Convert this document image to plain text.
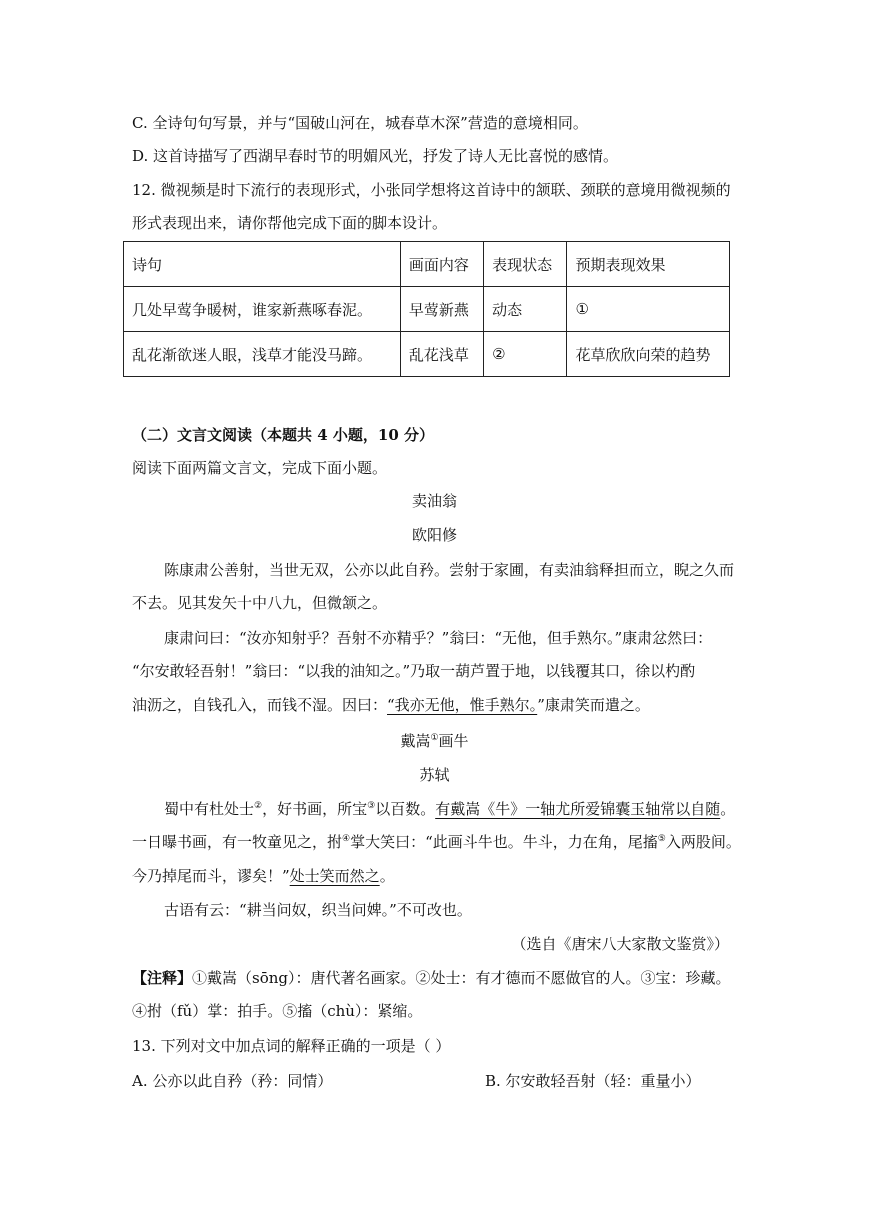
C. 全诗句句写景，并与“国破山河在，城春草木深”营造的意境相同。
D. 这首诗描写了西湖早春时节的明媚风光，抒发了诗人无比喜悦的感情。
12. 微视频是时下流行的表现形式，小张同学想将这首诗中的颔联、颈联的意境用微视频的
形式表现出来，请你帮他完成下面的脚本设计。
诗句	画面内容	表现状态	预期表现效果
几处早莺争暖树，谁家新燕啄春泥。	早莺新燕	动态	①
乱花渐欲迷人眼，浅草才能没马蹄。	乱花浅草	②	花草欣欣向荣的趋势
（二）文言文阅读（本题共 4 小题，10 分）
阅读下面两篇文言文，完成下面小题。
卖油翁
欧阳修
陈康肃公善射，当世无双，公亦以此自矜。尝射于家圃，有卖油翁释担而立，睨之久而
不去。见其发矢十中八九，但微颔之。
康肃问曰：“汝亦知射乎？吾射不亦精乎？”翁曰：“无他，但手熟尔。”康肃忿然曰：
“尔安敢轻吾射！”翁曰：“以我的油知之。”乃取一葫芦置于地，以钱覆其口，徐以杓酌
油沥之，自钱孔入，而钱不湿。因曰：“我亦无他，惟手熟尔。”康肃笑而遣之。
戴嵩①画牛
苏轼
蜀中有杜处士②，好书画，所宝③以百数。有戴嵩《牛》一轴尤所爱锦囊玉轴常以自随。
一日曝书画，有一牧童见之，拊④掌大笑曰：“此画斗牛也。牛斗，力在角，尾搐⑤入两股间。
今乃掉尾而斗，谬矣！”处士笑而然之。
古语有云：“耕当问奴，织当问婢。”不可改也。
（选自《唐宋八大家散文鉴赏》）
【注释】①戴嵩（sōng）：唐代著名画家。②处士：有才德而不愿做官的人。③宝：珍藏。
④拊（fǔ）掌：拍手。⑤搐（chù）：紧缩。
13. 下列对文中加点词的解释正确的一项是（ ）
A. 公亦以此自矜（矜：同情）	B. 尔安敢轻吾射（轻：重量小）
